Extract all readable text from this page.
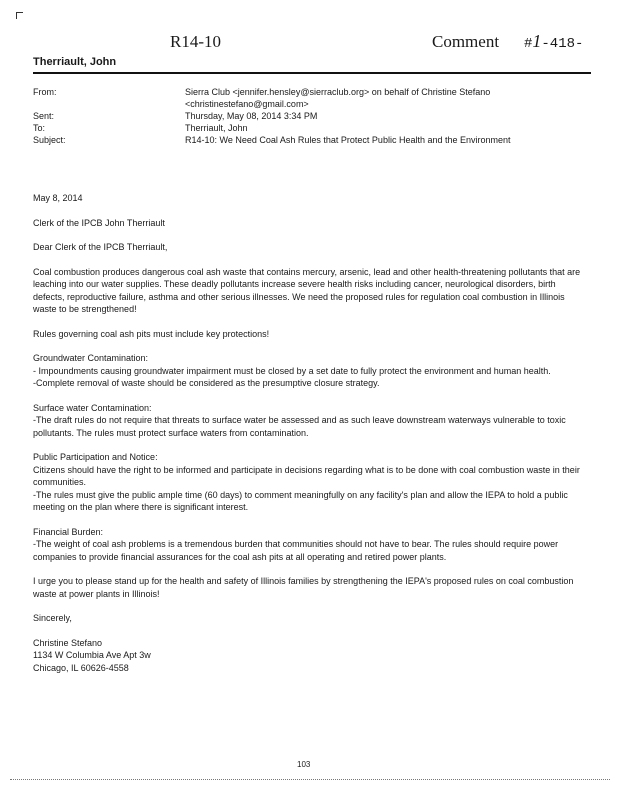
R14-10	Comment #1-418-
Therriault, John
From:	Sierra Club <jennifer.hensley@sierraclub.org> on behalf of Christine Stefano
<christinestefano@gmail.com>
Sent:	Thursday, May 08, 2014 3:34 PM
To:	Therriault, John
Subject:	R14-10: We Need Coal Ash Rules that Protect Public Health and the Environment

May 8, 2014

Clerk of the IPCB John Therriault

Dear Clerk of the IPCB Therriault,

Coal combustion produces dangerous coal ash waste that contains mercury, arsenic, lead and other health-threatening pollutants that are leaching into our water supplies. These deadly pollutants increase severe health risks including cancer, neurological disorders, birth defects, reproductive failure, asthma and other serious illnesses. We need the proposed rules for regulation coal combustion in Illinois waste to be strengthened!

Rules governing coal ash pits must include key protections!

Groundwater Contamination:
- Impoundments causing groundwater impairment must be closed by a set date to fully protect the environment and human health.
-Complete removal of waste should be considered as the presumptive closure strategy.

Surface water Contamination:
-The draft rules do not require that threats to surface water be assessed and as such leave downstream waterways vulnerable to toxic pollutants. The rules must protect surface waters from contamination.

Public Participation and Notice:
Citizens should have the right to be informed and participate in decisions regarding what is to be done with coal combustion waste in their communities.
-The rules must give the public ample time (60 days) to comment meaningfully on any facility's plan and allow the IEPA to hold a public meeting on the plan where there is significant interest.

Financial Burden:
-The weight of coal ash problems is a tremendous burden that communities should not have to bear. The rules should require power companies to provide financial assurances for the coal ash pits at all operating and retired power plants.

I urge you to please stand up for the health and safety of Illinois families by strengthening the IEPA's proposed rules on coal combustion waste at power plants in Illinois!

Sincerely,

Christine Stefano
1134 W Columbia Ave Apt 3w
Chicago, IL 60626-4558

103
